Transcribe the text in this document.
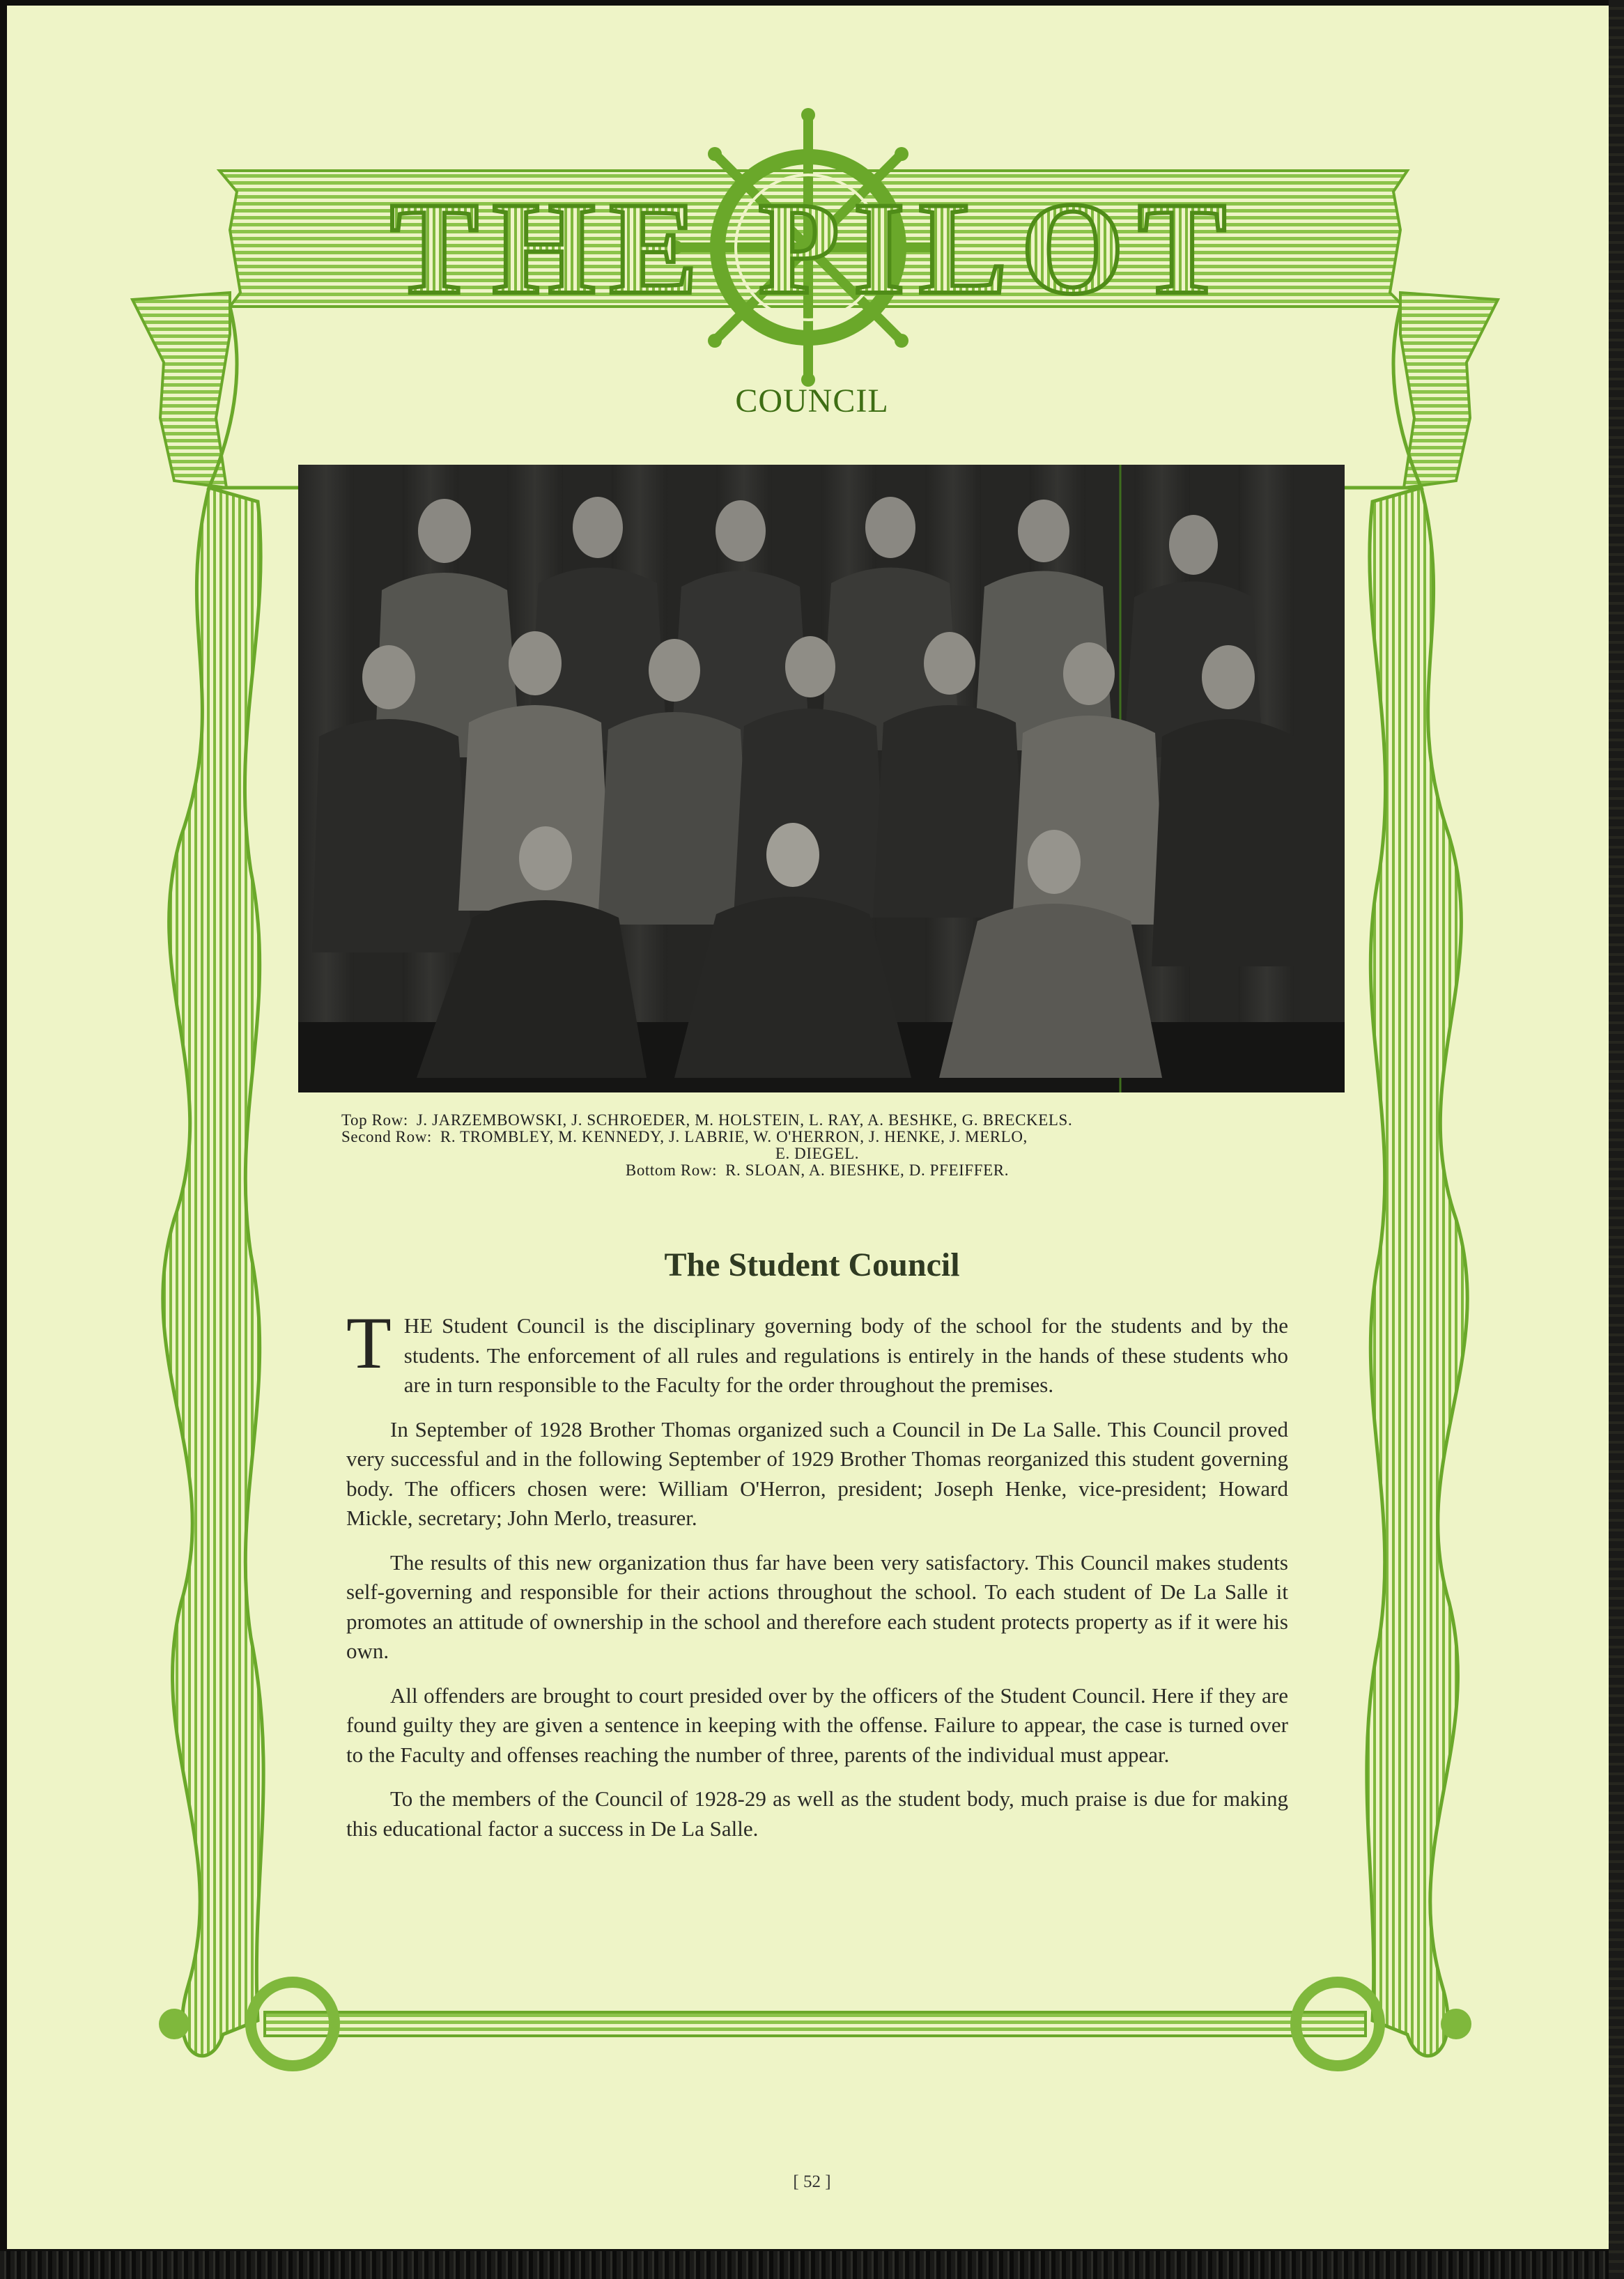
THE PILOT
COUNCIL
Top Row: J. JARZEMBOWSKI, J. SCHROEDER, M. HOLSTEIN, L. RAY, A. BESHKE, G. BRECKELS.
Second Row: R. TROMBLEY, M. KENNEDY, J. LABRIE, W. O'HERRON, J. HENKE, J. MERLO,
E. DIEGEL.
Bottom Row: R. SLOAN, A. BIESHKE, D. PFEIFFER.
The Student Council

THE Student Council is the disciplinary governing body of the school for the students and by the students. The enforcement of all rules and regulations is entirely in the hands of these students who are in turn responsible to the Faculty for the order throughout the premises.

In September of 1928 Brother Thomas organized such a Council in De La Salle. This Council proved very successful and in the following September of 1929 Brother Thomas reorganized this student governing body. The officers chosen were: William O'Herron, president; Joseph Henke, vice-president; Howard Mickle, secretary; John Merlo, treasurer.

The results of this new organization thus far have been very satisfactory. This Council makes students self-governing and responsible for their actions throughout the school. To each student of De La Salle it promotes an attitude of ownership in the school and therefore each student protects property as if it were his own.

All offenders are brought to court presided over by the officers of the Student Council. Here if they are found guilty they are given a sentence in keeping with the offense. Failure to appear, the case is turned over to the Faculty and offenses reaching the number of three, parents of the individual must appear.

To the members of the Council of 1928-29 as well as the student body, much praise is due for making this educational factor a success in De La Salle.

[ 52 ]
